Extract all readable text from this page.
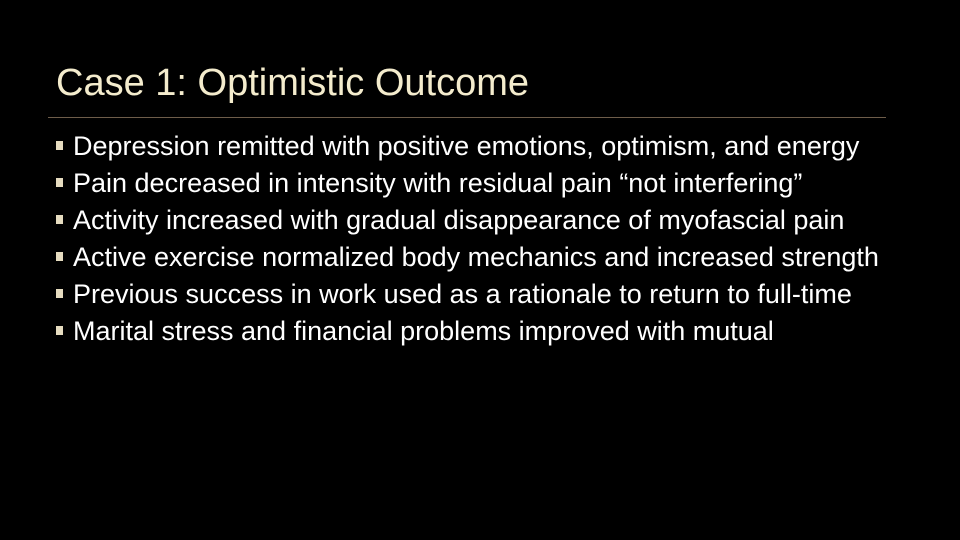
Case 1: Optimistic Outcome
Depression remitted with positive emotions, optimism, and energy
Pain decreased in intensity with residual pain “not interfering”
Activity increased with gradual disappearance of myofascial pain
Active exercise normalized body mechanics and increased strength
Previous success in work used as a rationale to return to full-time
Marital stress and financial problems improved with mutual
